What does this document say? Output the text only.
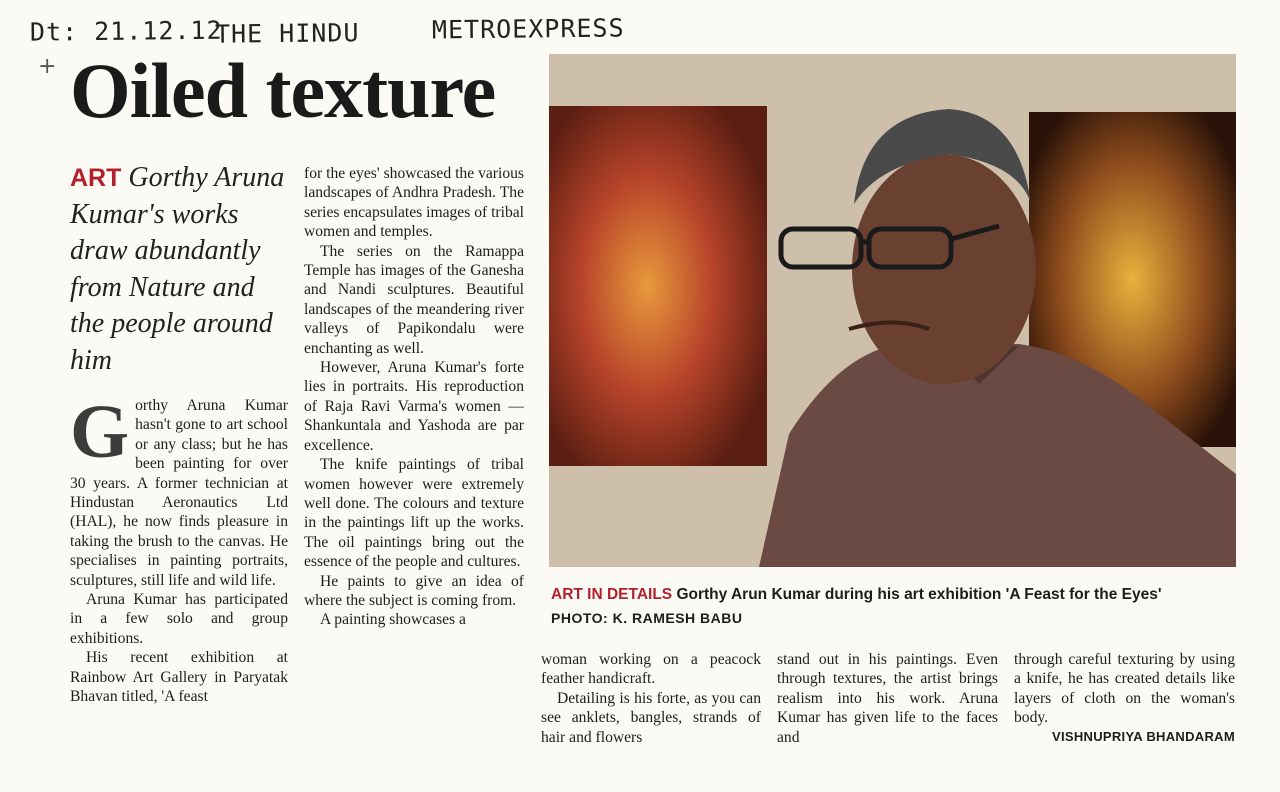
Dt: 21.12.12
THE HINDU	METROEXPRESS
+ Oiled texture
ART Gorthy Aruna Kumar's works draw abundantly from Nature and the people around him

Gorthy Aruna Kumar hasn't gone to art school or any class; but he has been painting for over 30 years. A former technician at Hindustan Aeronautics Ltd (HAL), he now finds pleasure in taking the brush to the canvas. He specialises in painting portraits, sculptures, still life and wild life.

Aruna Kumar has participated in a few solo and group exhibitions.

His recent exhibition at Rainbow Art Gallery in Paryatak Bhavan titled, 'A feast

for the eyes' showcased the various landscapes of Andhra Pradesh. The series encapsulates images of tribal women and temples.

The series on the Ramappa Temple has images of the Ganesha and Nandi sculptures. Beautiful landscapes of the meandering river valleys of Papikondalu were enchanting as well.

However, Aruna Kumar's forte lies in portraits. His reproduction of Raja Ravi Varma's women — Shankuntala and Yashoda are par excellence.

The knife paintings of tribal women however were extremely well done. The colours and texture in the paintings lift up the works. The oil paintings bring out the essence of the people and cultures.

He paints to give an idea of where the subject is coming from.

A painting showcases a

ART IN DETAILS Gorthy Arun Kumar during his art exhibition 'A Feast for the Eyes'
PHOTO: K. RAMESH BABU

woman working on a peacock feather handicraft.

Detailing is his forte, as you can see anklets, bangles, strands of hair and flowers

stand out in his paintings. Even through textures, the artist brings realism into his work. Aruna Kumar has given life to the faces and

through careful texturing by using a knife, he has created details like layers of cloth on the woman's body.

VISHNUPRIYA BHANDARAM
